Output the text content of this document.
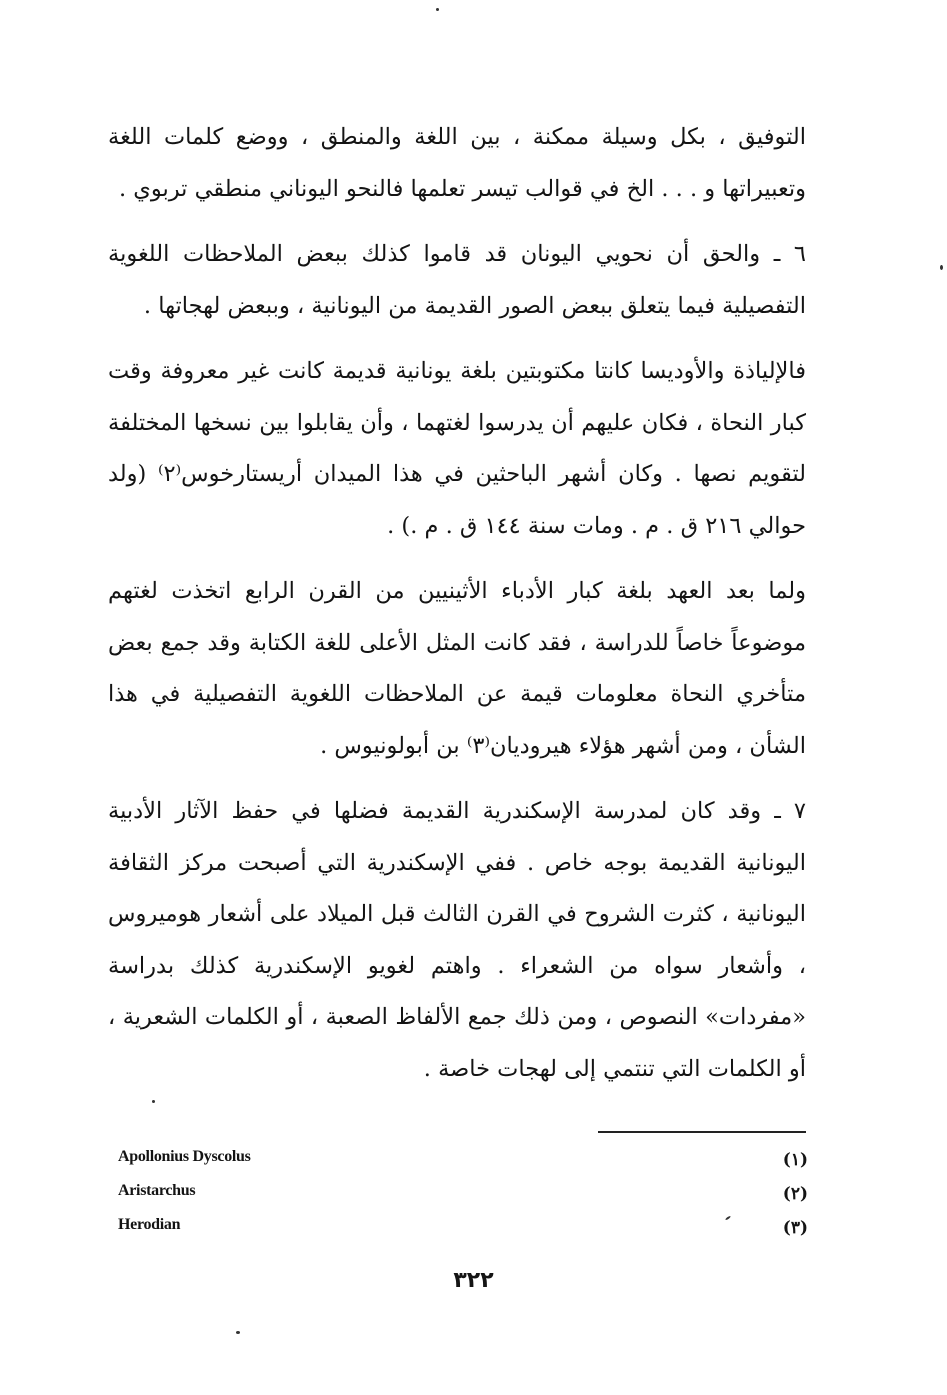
التوفيق ، بكل وسيلة ممكنة ، بين اللغة والمنطق ، ووضع كلمات اللغة وتعبيراتها و . . . الخ في قوالب تيسر تعلمها فالنحو اليوناني منطقي تربوي .

٦ ـ والحق أن نحويي اليونان قد قاموا كذلك ببعض الملاحظات اللغوية التفصيلية فيما يتعلق ببعض الصور القديمة من اليونانية ، وببعض لهجاتها .

فالإلياذة والأوديسا كانتا مكتوبتين بلغة يونانية قديمة كانت غير معروفة وقت كبار النحاة ، فكان عليهم أن يدرسوا لغتهما ، وأن يقابلوا بين نسخها المختلفة لتقويم نصها . وكان أشهر الباحثين في هذا الميدان أريستارخوس⁽٢⁾ (ولد حوالي ٢١٦ ق . م . ومات سنة ١٤٤ ق . م .) .

ولما بعد العهد بلغة كبار الأدباء الأثينيين من القرن الرابع اتخذت لغتهم موضوعاً خاصاً للدراسة ، فقد كانت المثل الأعلى للغة الكتابة وقد جمع بعض متأخري النحاة معلومات قيمة عن الملاحظات اللغوية التفصيلية في هذا الشأن ، ومن أشهر هؤلاء هيروديان⁽٣⁾ بن أبولونيوس .

٧ ـ وقد كان لمدرسة الإسكندرية القديمة فضلها في حفظ الآثار الأدبية اليونانية القديمة بوجه خاص . ففي الإسكندرية التي أصبحت مركز الثقافة اليونانية ، كثرت الشروح في القرن الثالث قبل الميلاد على أشعار هوميروس ، وأشعار سواه من الشعراء . واهتم لغويو الإسكندرية كذلك بدراسة «مفردات» النصوص ، ومن ذلك جمع الألفاظ الصعبة ، أو الكلمات الشعرية ، أو الكلمات التي تنتمي إلى لهجات خاصة .

(١)
Apollonius Dyscolus
(٢)
Aristarchus
(٣)
Herodian
٣٢٢
